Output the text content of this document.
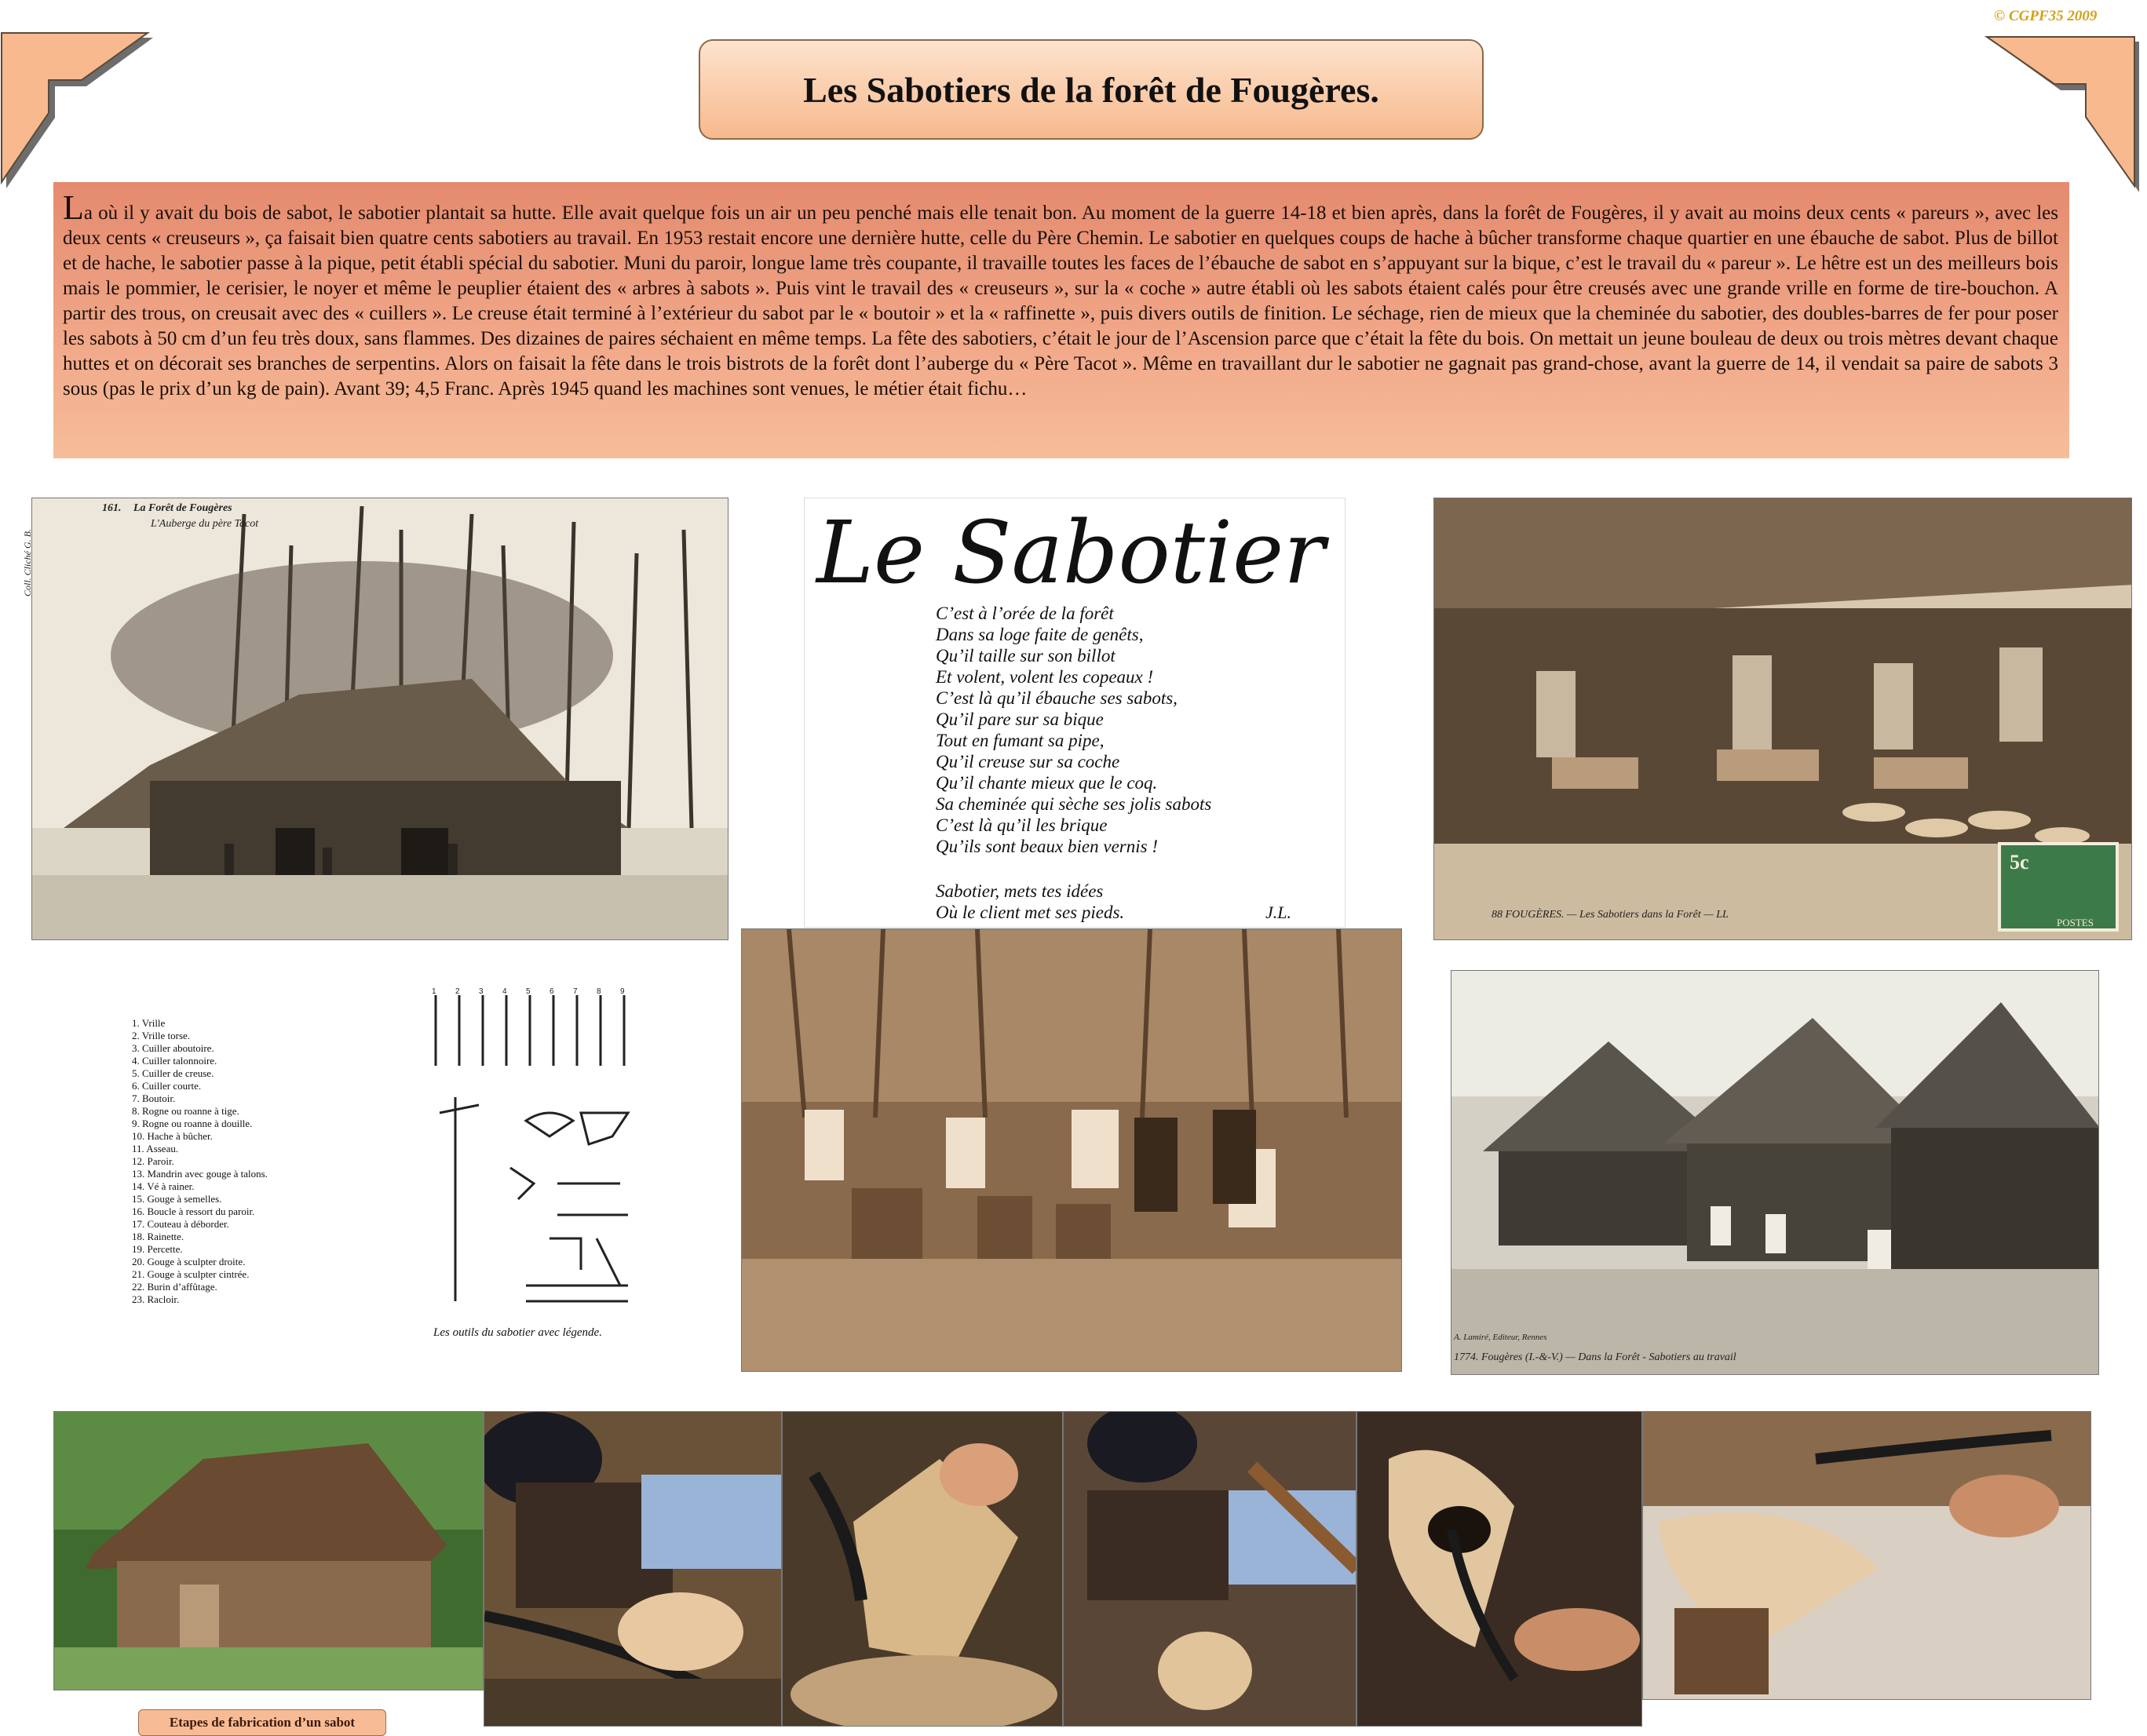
© CGPF35 2009
Les Sabotiers de la forêt de Fougères.
La où il y avait du bois de sabot, le sabotier plantait sa hutte. Elle avait quelque fois un air un peu penché mais elle tenait bon. Au moment de la guerre 14-18 et bien après, dans la forêt de Fougères, il y avait au moins deux cents « pareurs », avec les deux cents « creuseurs », ça faisait bien quatre cents sabotiers au travail. En 1953 restait encore une dernière hutte, celle du Père Chemin. Le sabotier en quelques coups de hache à bûcher transforme chaque quartier en une ébauche de sabot. Plus de billot et de hache, le sabotier passe à la pique, petit établi spécial du sabotier. Muni du paroir, longue lame très coupante, il travaille toutes les faces de l’ébauche de sabot en s’appuyant sur la bique, c’est le travail du « pareur ». Le hêtre est un des meilleurs bois mais le pommier, le cerisier, le noyer et même le peuplier étaient des « arbres à sabots ». Puis vint le travail des « creuseurs », sur la « coche » autre établi où les sabots étaient calés pour être creusés avec une grande vrille en forme de tire-bouchon. A partir des trous, on creusait avec des « cuillers ». Le creuse était terminé à l’extérieur du sabot par le « boutoir » et la « raffinette », puis divers outils de finition. Le séchage, rien de mieux que la cheminée du sabotier, des doubles-barres de fer pour poser les sabots à 50 cm d’un feu très doux, sans flammes. Des dizaines de paires séchaient en même temps. La fête des sabotiers, c’était le jour de l’Ascension parce que c’était la fête du bois. On mettait un jeune bouleau de deux ou trois mètres devant chaque huttes et on décorait ses branches de serpentins. Alors on faisait la fête dans le trois bistrots de la forêt dont l’auberge du « Père Tacot ». Même en travaillant dur le sabotier ne gagnait pas grand-chose, avant la guerre de 14, il vendait sa paire de sabots 3 sous (pas le prix d’un kg de pain). Avant 39; 4,5 Franc. Après 1945 quand les machines sont venues, le métier était fichu…
161. La Forêt de Fougères
L'Auberge du père Tacot
Coll. Cliché G. B.	Le Sabotier
C’est à l’orée de la forêt
Dans sa loge faite de genêts,
Qu’il taille sur son billot
Et volent, volent les copeaux !
C’est là qu’il ébauche ses sabots,
Qu’il pare sur sa bique
Tout en fumant sa pipe,
Qu’il creuse sur sa coche
Qu’il chante mieux que le coq.
Sa cheminée qui sèche ses jolis sabots
C’est là qu’il les brique
Qu’ils sont beaux bien vernis !
Sabotier, mets tes idées
Où le client met ses pieds.	J.L.	88 FOUGÈRES. — Les Sabotiers dans la Forêt — LL
5c
POSTES
1. Vrille
2. Vrille torse.
3. Cuiller aboutoire.
4. Cuiller talonnoire.
5. Cuiller de creuse.
6. Cuiller courte.
7. Boutoir.
8. Rogne ou roanne à tige.
9. Rogne ou roanne à douille.
10. Hache à bûcher.
11. Asseau.
12. Paroir.
13. Mandrin avec gouge à talons.
14. Vé à rainer.
15. Gouge à semelles.
16. Boucle à ressort du paroir.
17. Couteau à déborder.
18. Rainette.
19. Percette.
20. Gouge à sculpter droite.
21. Gouge à sculpter cintrée.
22. Burin d’affûtage.
23. Racloir.
1 2 3 4 5 6 7 8 9
Les outils du sabotier avec légende.	A. Lamiré, Editeur, Rennes
1774. Fougères (I.-&-V.) — Dans la Forêt - Sabotiers au travail
Etapes de fabrication d’un sabot
